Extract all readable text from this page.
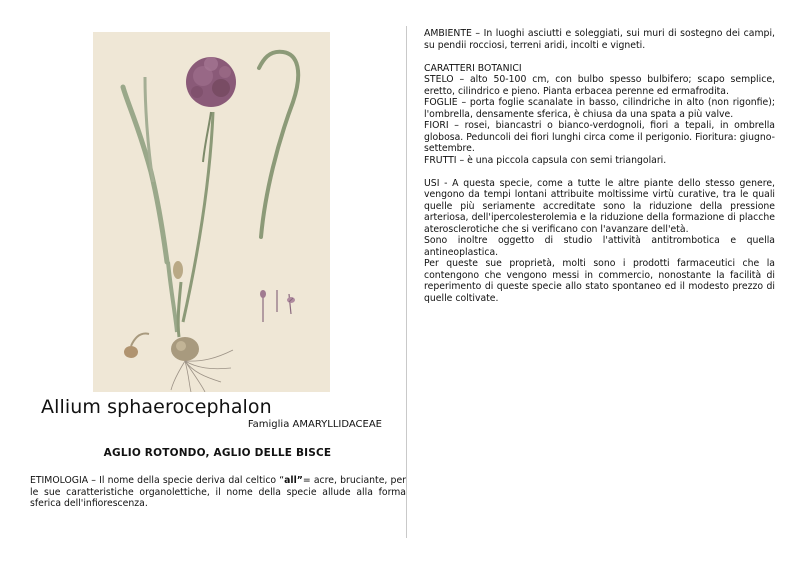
Allium sphaerocephalon
Famiglia AMARYLLIDACEAE
AGLIO ROTONDO, AGLIO DELLE BISCE
ETIMOLOGIA – Il nome della specie deriva dal celtico “all”= acre, bruciante, per le sue caratteristiche organolettiche, il nome della specie allude alla forma sferica dell'infiorescenza.

AMBIENTE – In luoghi asciutti e soleggiati, sui muri di sostegno dei campi, su pendii rocciosi, terreni aridi, incolti e vigneti.

CARATTERI BOTANICI

STELO – alto 50-100 cm, con bulbo spesso bulbifero; scapo semplice, eretto, cilindrico e pieno. Pianta erbacea perenne ed ermafrodita.

FOGLIE – porta foglie scanalate in basso, cilindriche in alto (non rigonfie); l'ombrella, densamente sferica, è chiusa da una spata a più valve.

FIORI – rosei, biancastri o bianco-verdognoli, fiori a tepali, in ombrella globosa. Peduncoli dei fiori lunghi circa come il perigonio. Fioritura: giugno-settembre.

FRUTTI – è una piccola capsula con semi triangolari.

USI - A questa specie, come a tutte le altre piante dello stesso genere, vengono da tempi lontani attribuite moltissime virtù curative, tra le quali quelle più seriamente accreditate sono la riduzione della pressione arteriosa, dell'ipercolesterolemia e la riduzione della formazione di placche aterosclerotiche che si verificano con l'avanzare dell'età.

Sono inoltre oggetto di studio l'attività antitrombotica e quella antineoplastica.

Per queste sue proprietà, molti sono i prodotti farmaceutici che la contengono che vengono messi in commercio, nonostante la facilità di reperimento di queste specie allo stato spontaneo ed il modesto prezzo di quelle coltivate.
